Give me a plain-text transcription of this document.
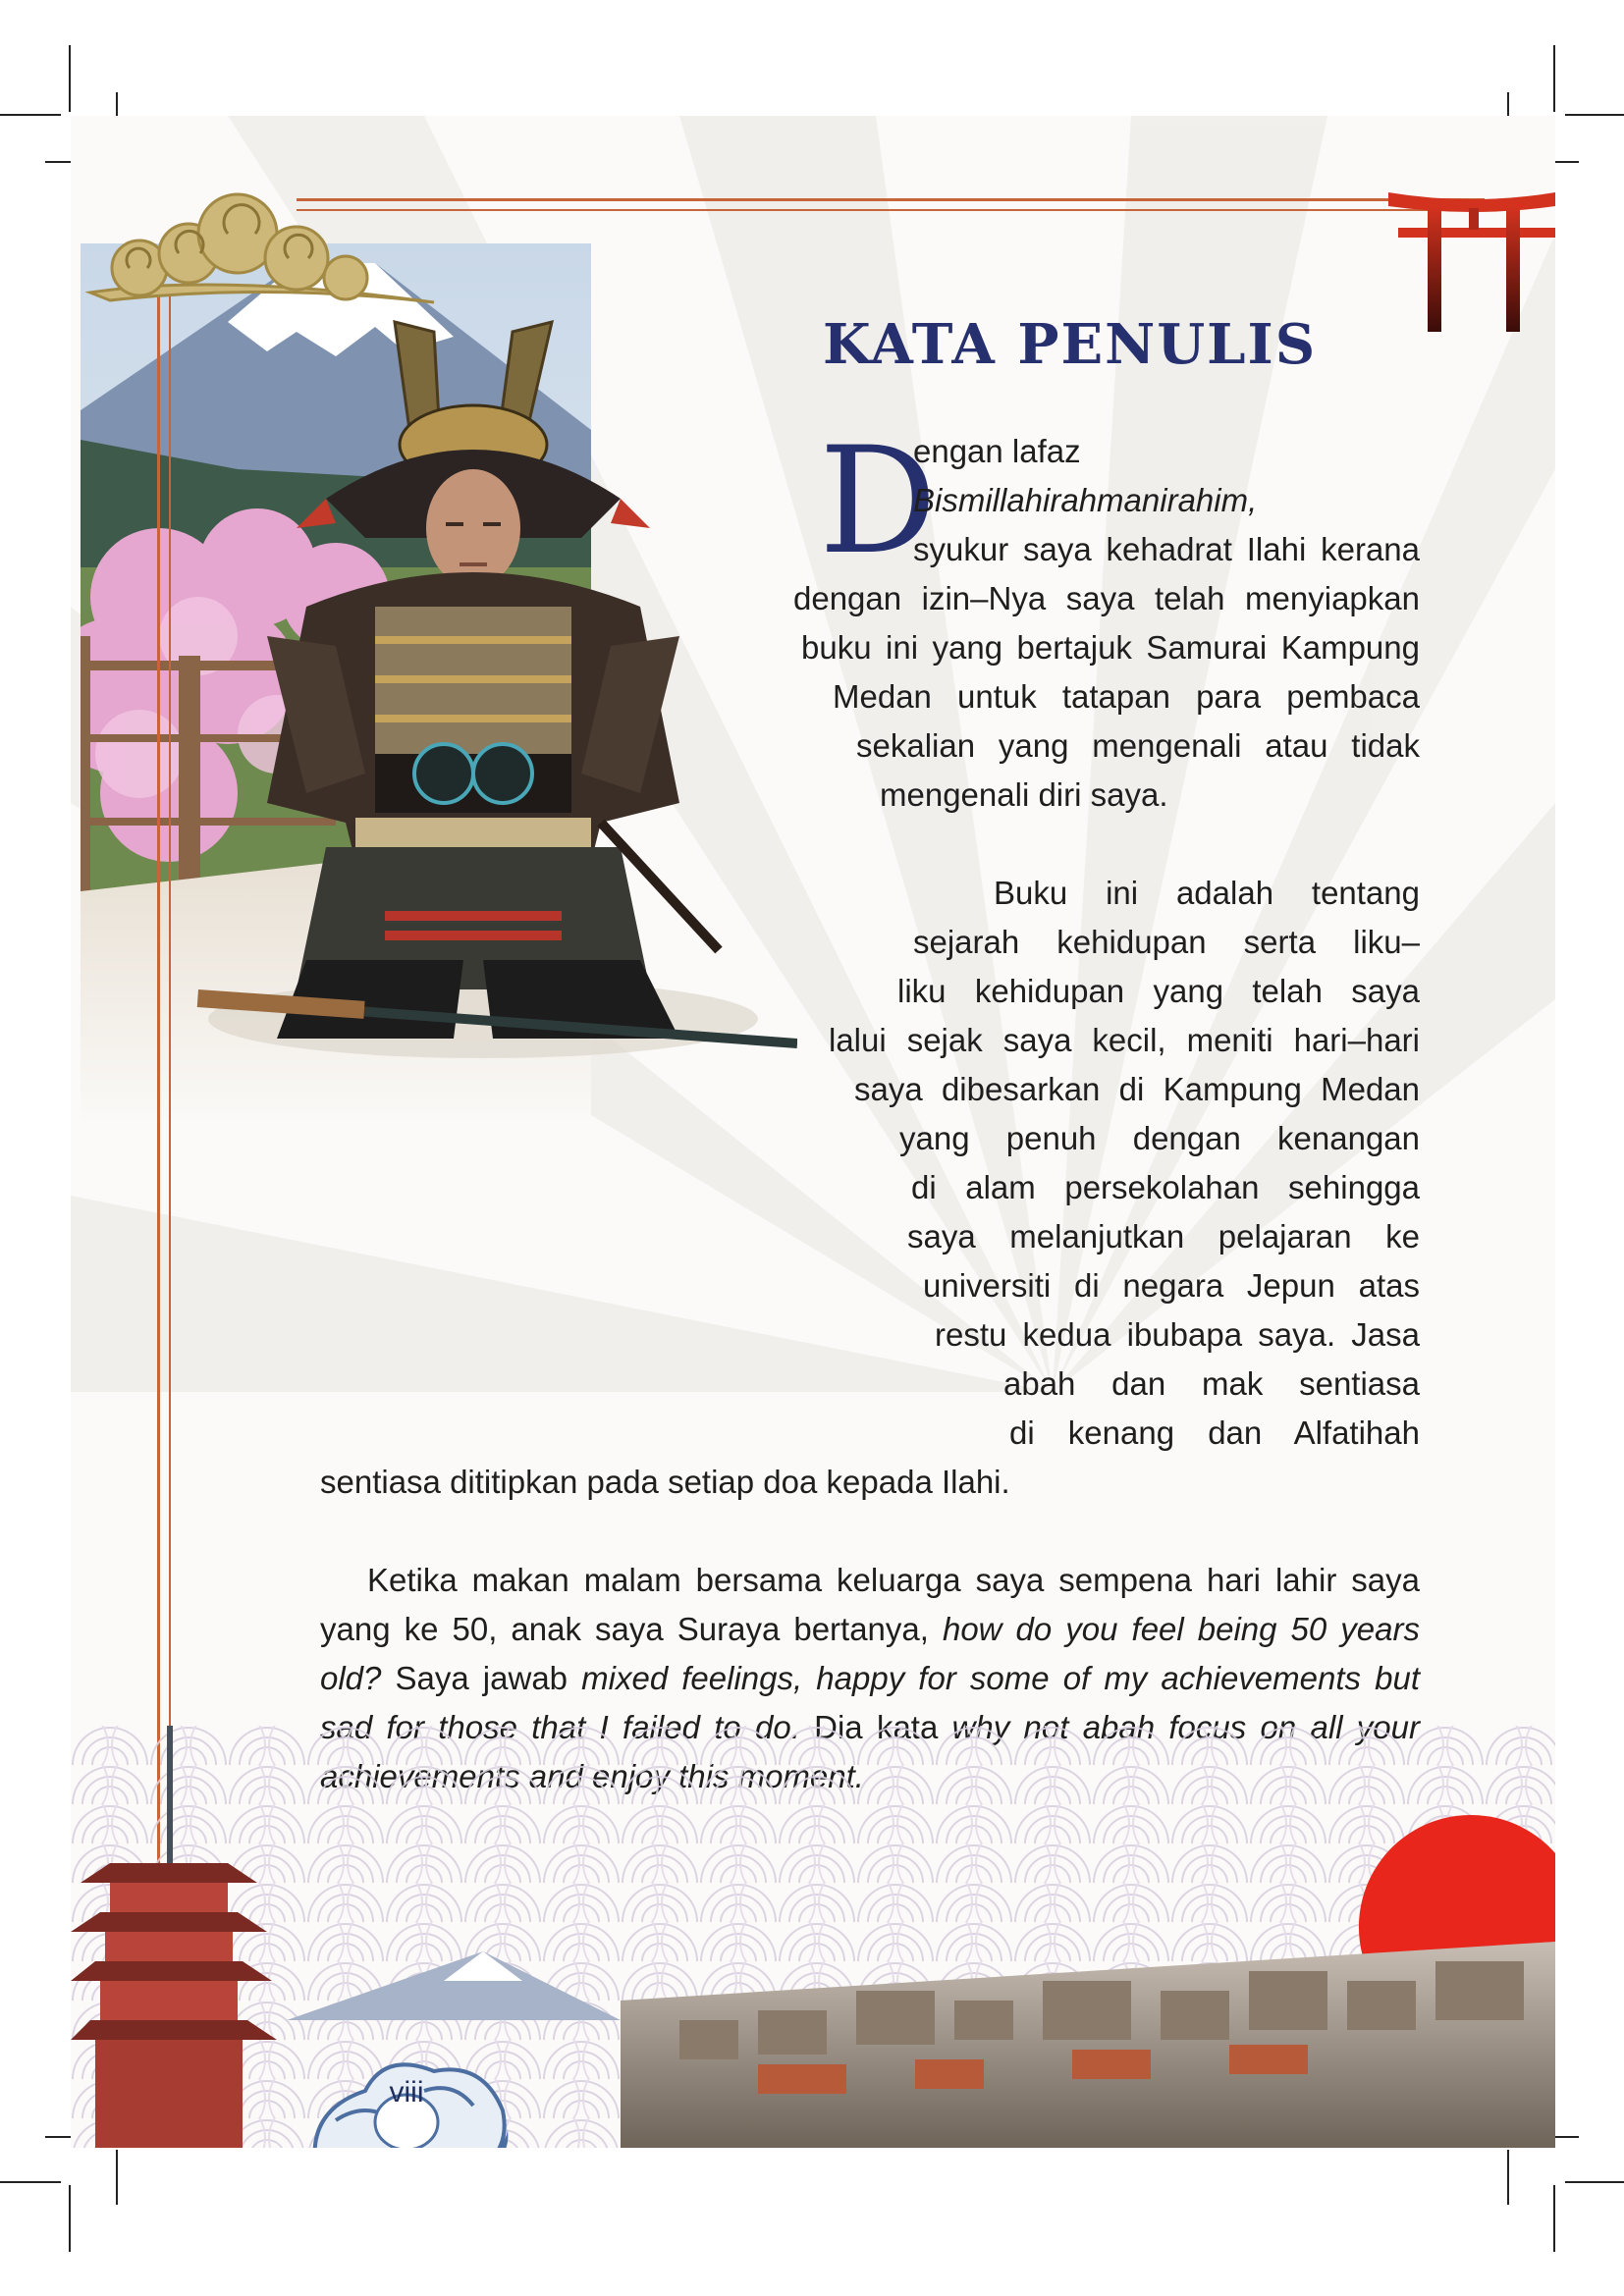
KATA PENULIS
D

engan lafaz

Bismillahirahmanirahim,

syukur saya kehadrat Ilahi kerana

dengan izin–Nya saya telah menyiapkan

buku ini yang bertajuk Samurai Kampung

Medan untuk tatapan para pembaca

sekalian yang mengenali atau tidak

mengenali diri saya.

Buku ini adalah tentang

sejarah kehidupan serta liku–

liku kehidupan yang telah saya

lalui sejak saya kecil, meniti hari–hari

saya dibesarkan di Kampung Medan

yang penuh dengan kenangan

di alam persekolahan sehingga

saya melanjutkan pelajaran ke

universiti di negara Jepun atas

restu kedua ibubapa saya. Jasa

abah dan mak sentiasa

di kenang dan Alfatihah

sentiasa dititipkan pada setiap doa kepada Ilahi.

Ketika makan malam bersama keluarga saya sempena hari lahir saya

yang ke 50, anak saya Suraya bertanya, how do you feel being 50 years

old? Saya jawab mixed feelings, happy for some of my achievements but

viii
